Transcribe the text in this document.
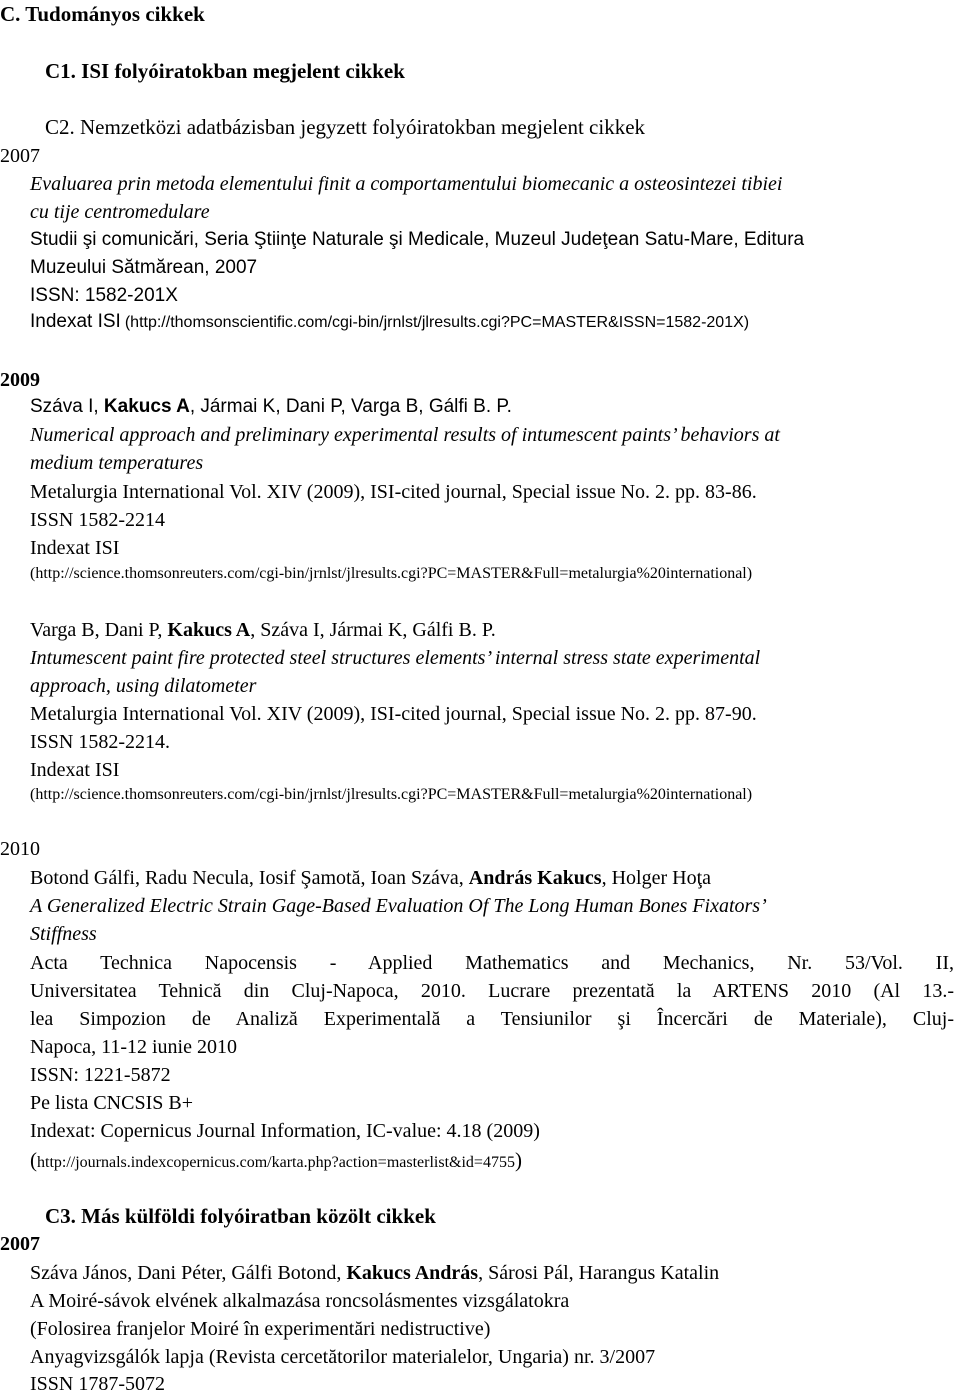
C. Tudományos cikkek
C1. ISI folyóiratokban megjelent cikkek
C2. Nemzetközi adatbázisban jegyzett folyóiratokban megjelent cikkek
2007
Evaluarea prin metoda elementului finit a comportamentului biomecanic a osteosintezei tibiei
cu tije centromedulare
Studii şi comunicări, Seria Ştiinţe Naturale şi Medicale, Muzeul Judeţean Satu-Mare, Editura
Muzeului Sătmărean, 2007
ISSN: 1582-201X
Indexat ISI (http://thomsonscientific.com/cgi-bin/jrnlst/jlresults.cgi?PC=MASTER&ISSN=1582-201X)
2009
Száva I, Kakucs A, Jármai K, Dani P, Varga B, Gálfi B. P.
Numerical approach and preliminary experimental results of intumescent paints’ behaviors at
medium temperatures
Metalurgia International Vol. XIV (2009), ISI-cited journal, Special issue No. 2. pp. 83-86.
ISSN 1582-2214
Indexat ISI
(http://science.thomsonreuters.com/cgi-bin/jrnlst/jlresults.cgi?PC=MASTER&Full=metalurgia%20international)
Varga B, Dani P, Kakucs A, Száva I, Jármai K, Gálfi B. P.
Intumescent paint fire protected steel structures elements’ internal stress state experimental
approach, using dilatometer
Metalurgia International Vol. XIV (2009), ISI-cited journal, Special issue No. 2. pp. 87-90.
ISSN 1582-2214.
Indexat ISI
(http://science.thomsonreuters.com/cgi-bin/jrnlst/jlresults.cgi?PC=MASTER&Full=metalurgia%20international)
2010
Botond Gálfi, Radu Necula, Iosif Şamotă, Ioan Száva, András Kakucs, Holger Hoţa
A Generalized Electric Strain Gage-Based Evaluation Of The Long Human Bones Fixators’
Stiffness
Acta Technica Napocensis - Applied Mathematics and Mechanics, Nr. 53/Vol. II,
Universitatea Tehnică din Cluj-Napoca, 2010. Lucrare prezentată la ARTENS 2010 (Al 13.-
lea Simpozion de Analiză Experimentală a Tensiunilor şi Încercări de Materiale), Cluj-
Napoca, 11-12 iunie 2010
ISSN: 1221-5872
Pe lista CNCSIS B+
Indexat: Copernicus Journal Information, IC-value: 4.18 (2009)
(http://journals.indexcopernicus.com/karta.php?action=masterlist&id=4755)
C3. Más külföldi folyóiratban közölt cikkek
2007
Száva János, Dani Péter, Gálfi Botond, Kakucs András, Sárosi Pál, Harangus Katalin
A Moiré-sávok elvének alkalmazása roncsolásmentes vizsgálatokra
(Folosirea franjelor Moiré în experimentări nedistructive)
Anyagvizsgálók lapja (Revista cercetătorilor materialelor, Ungaria) nr. 3/2007
ISSN 1787-5072
